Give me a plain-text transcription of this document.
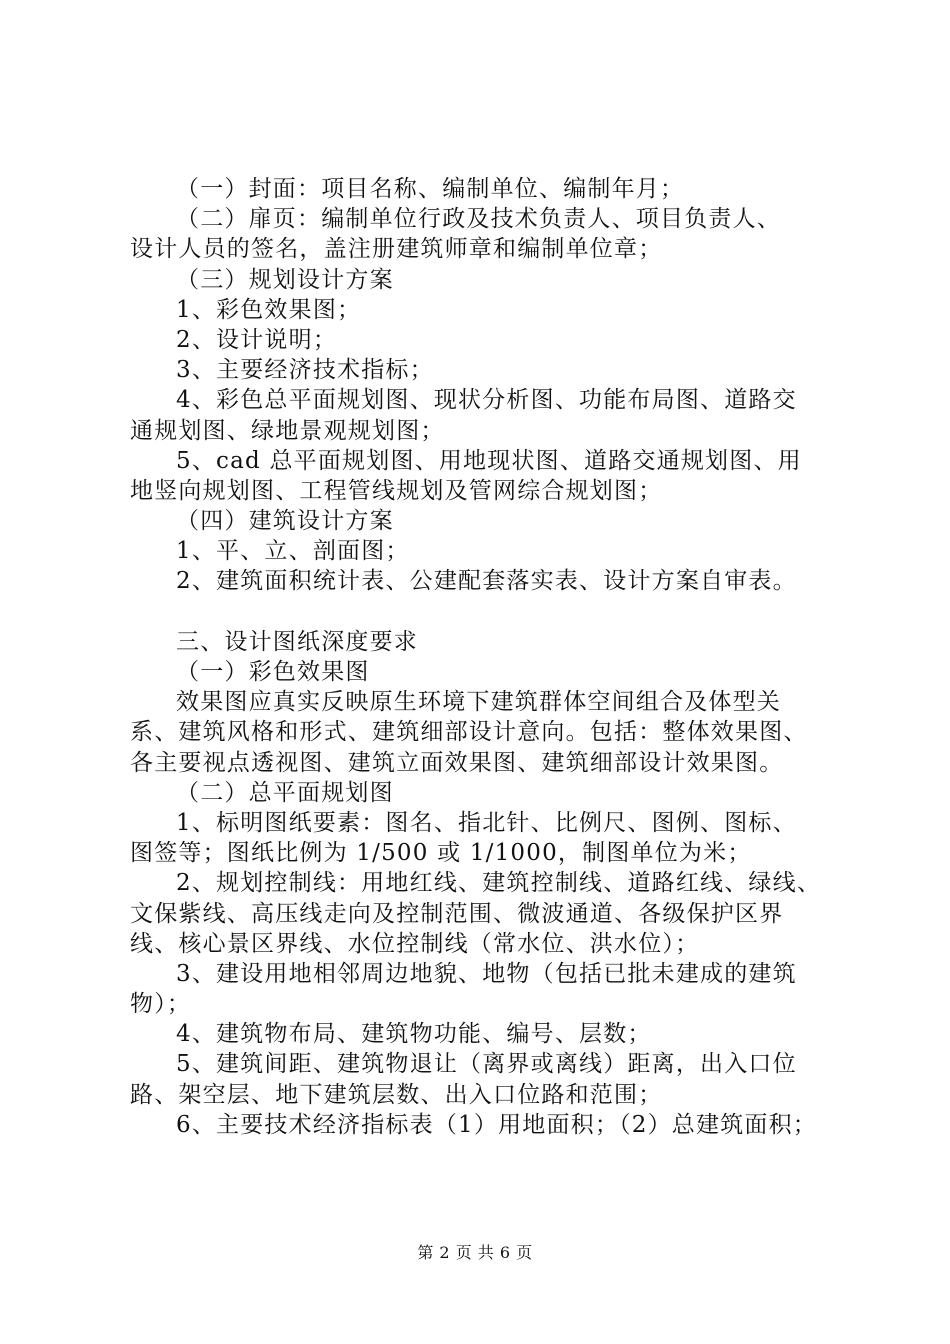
（一）封面：项目名称、编制单位、编制年月；
（二）扉页：编制单位行政及技术负责人、项目负责人、
设计人员的签名，盖注册建筑师章和编制单位章；
（三）规划设计方案
1、彩色效果图；
2、设计说明；
3、主要经济技术指标；
4、彩色总平面规划图、现状分析图、功能布局图、道路交
通规划图、绿地景观规划图；
5、cad 总平面规划图、用地现状图、道路交通规划图、用
地竖向规划图、工程管线规划及管网综合规划图；
（四）建筑设计方案
1、平、立、剖面图；
2、建筑面积统计表、公建配套落实表、设计方案自审表。
三、设计图纸深度要求
（一）彩色效果图
效果图应真实反映原生环境下建筑群体空间组合及体型关
系、建筑风格和形式、建筑细部设计意向。包括：整体效果图、
各主要视点透视图、建筑立面效果图、建筑细部设计效果图。
（二）总平面规划图
1、标明图纸要素：图名、指北针、比例尺、图例、图标、
图签等；图纸比例为 1/500 或 1/1000，制图单位为米；
2、规划控制线：用地红线、建筑控制线、道路红线、绿线、
文保紫线、高压线走向及控制范围、微波通道、各级保护区界
线、核心景区界线、水位控制线（常水位、洪水位）；
3、建设用地相邻周边地貌、地物（包括已批未建成的建筑
物）；
4、建筑物布局、建筑物功能、编号、层数；
5、建筑间距、建筑物退让（离界或离线）距离，出入口位
路、架空层、地下建筑层数、出入口位路和范围；
6、主要技术经济指标表（1）用地面积；（2）总建筑面积；
第 2 页 共 6 页
